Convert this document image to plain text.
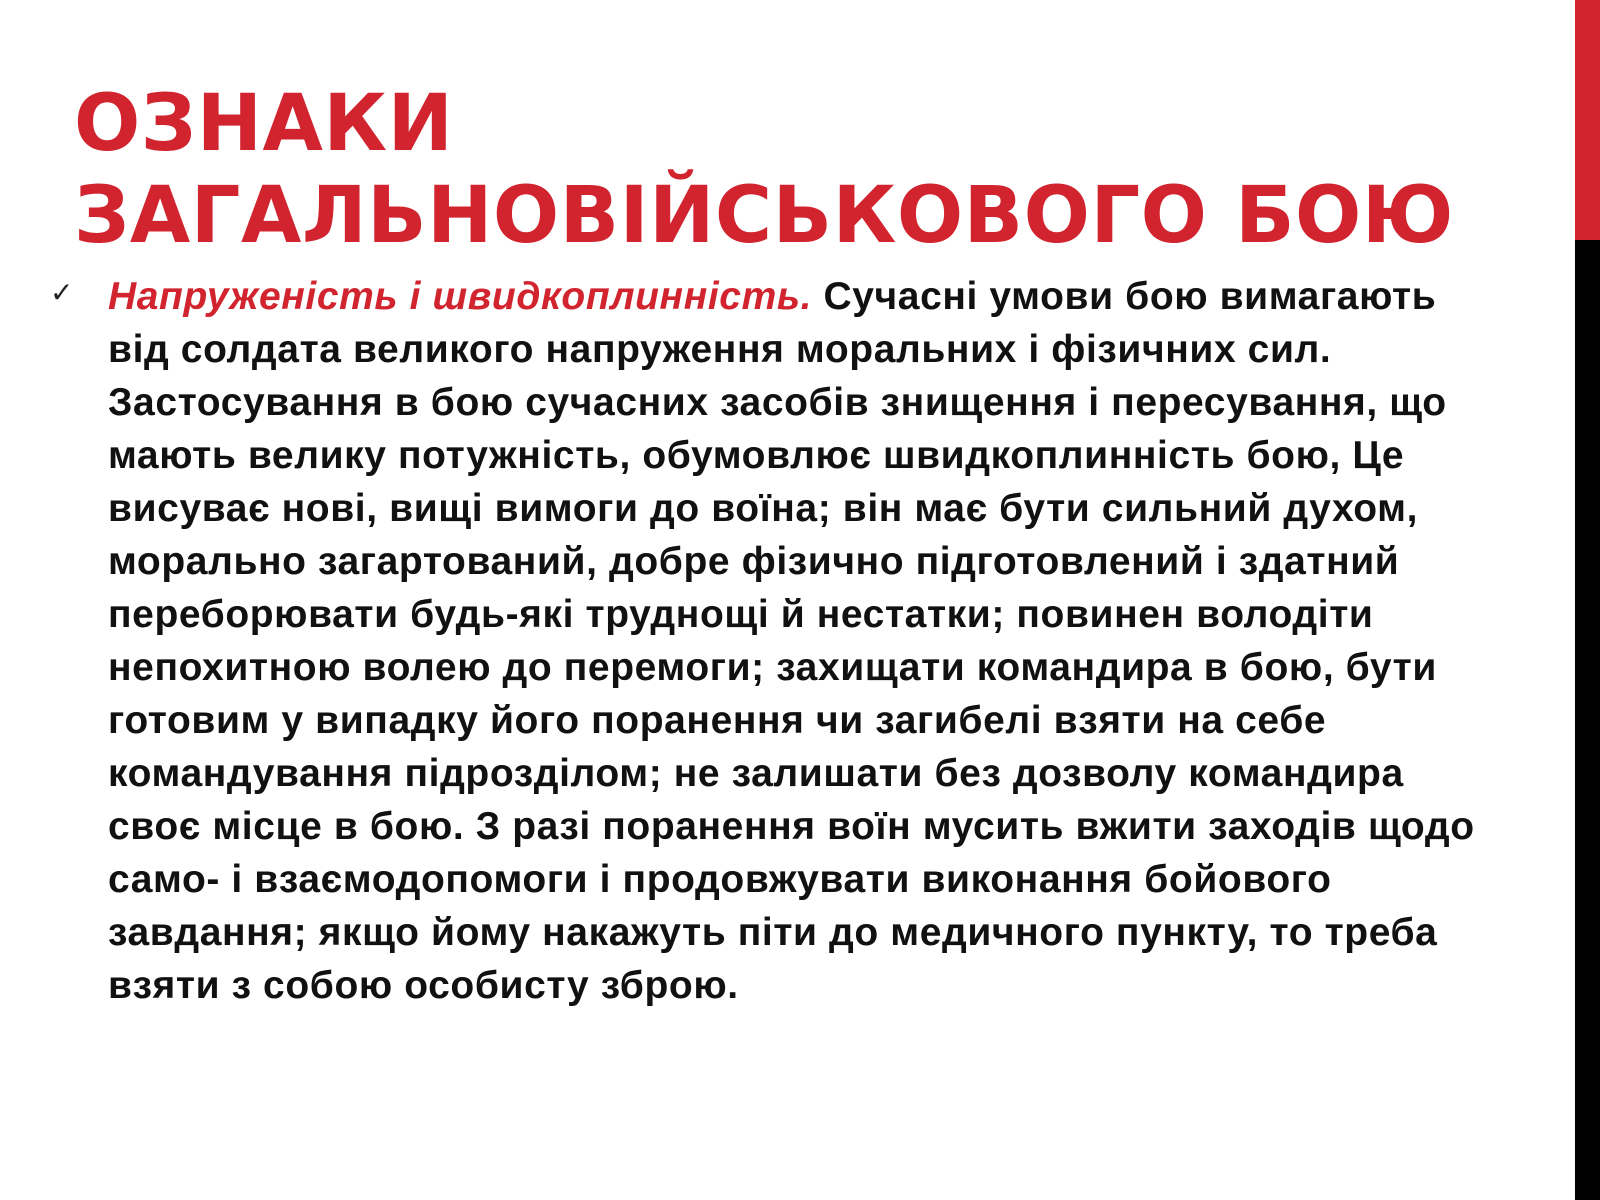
ОЗНАКИ
ЗАГАЛЬНОВІЙСЬКОВОГО БОЮ
✓ Напруженість і швидкоплинність. Сучасні умови бою вимагають від солдата великого напруження моральних і фізичних сил. Застосування в бою сучасних засобів знищення і пересування, що мають велику потужність, обумовлює швидкоплинність бою, Це висуває нові, вищі вимоги до воїна; він має бути сильний духом, морально загартований, добре фізично підготовлений і здатний переборювати будь-які труднощі й нестатки; повинен володіти непохитною волею до перемоги; захищати командира в бою, бути готовим у випадку його поранення чи загибелі взяти на себе командування підрозділом; не залишати без дозволу командира своє місце в бою. З разі поранення воїн мусить вжити заходів щодо само- і взаємодопомоги і продовжувати виконання бойового завдання; якщо йому накажуть піти до медичного пункту, то треба взяти з собою особисту зброю.
